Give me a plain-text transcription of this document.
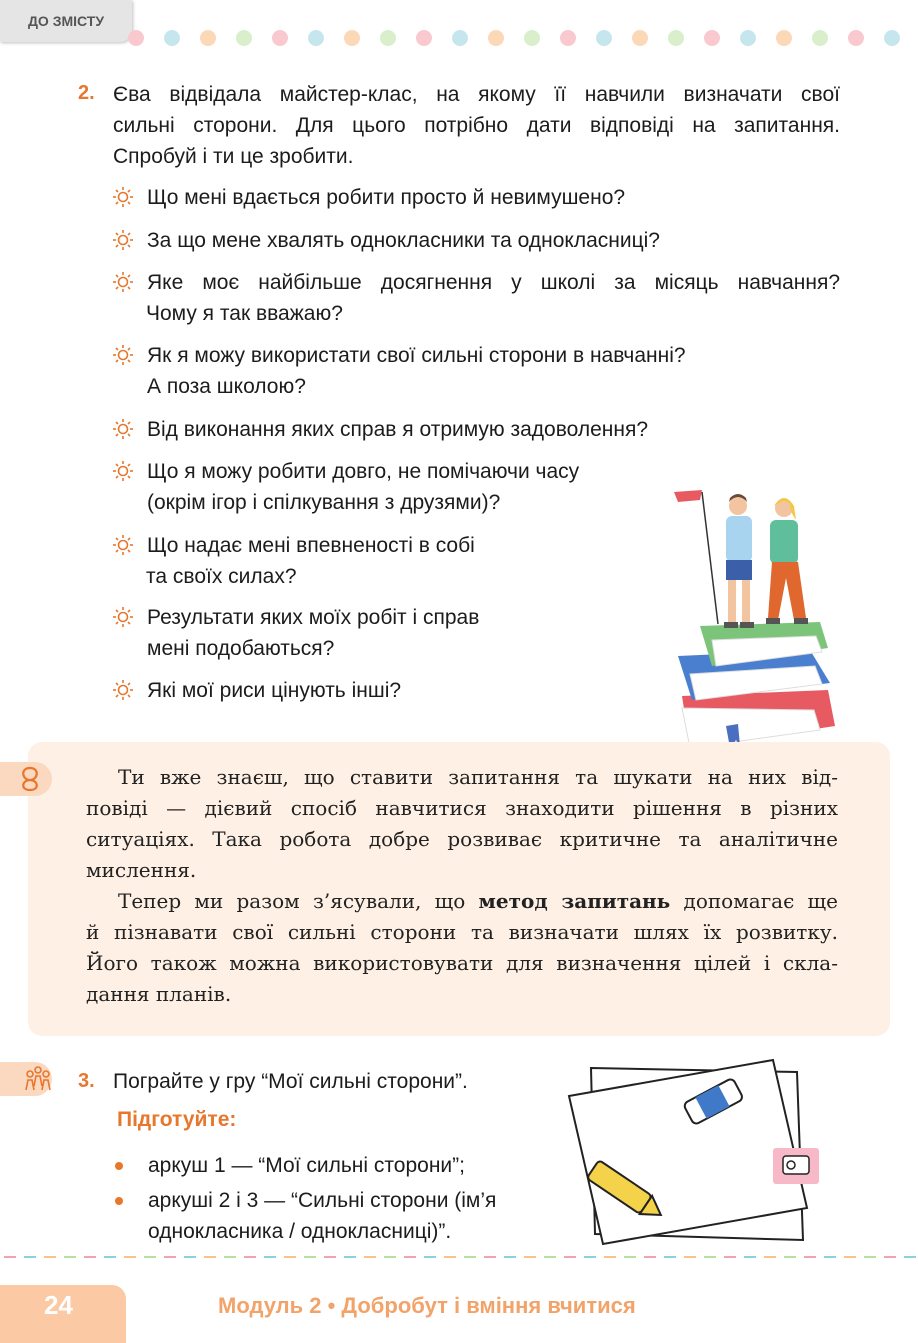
ДО ЗМІСТУ
2. Єва відвідала майстер-клас, на якому її навчили визначати свої
сильні сторони. Для цього потрібно дати відповіді на запитання.
Спробуй і ти це зробити.
Що мені вдається робити просто й невимушено?
За що мене хвалять однокласники та однокласниці?
Яке моє найбільше досягнення у школі за місяць навчання?
Чому я так вважаю?
Як я можу використати свої сильні сторони в навчанні?
А поза школою?
Від виконання яких справ я отримую задоволення?
Що я можу робити довго, не помічаючи часу
(окрім ігор і спілкування з друзями)?
Що надає мені впевненості в собі
та своїх силах?
Результати яких моїх робіт і справ
мені подобаються?
Які мої риси цінують інші?

Ти вже знаєш, що ставити запитання та шукати на них від-

повіді — дієвий спосіб навчитися знаходити рішення в різних
ситуаціях. Така робота добре розвиває критичне та аналітичне
мислення.

Тепер ми разом з’ясували, що метод запитань допомагає ще

й пізнавати свої сильні сторони та визначати шлях їх розвитку.
Його також можна використовувати для визначення цілей і скла-
дання планів.
3. Пограйте у гру “Мої сильні сторони”.
Підготуйте:
аркуш 1 — “Мої сильні сторони”;
аркуші 2 і 3 — “Сильні сторони (ім’я
однокласника / однокласниці)”.
24	Модуль 2 • Добробут і вміння вчитися
